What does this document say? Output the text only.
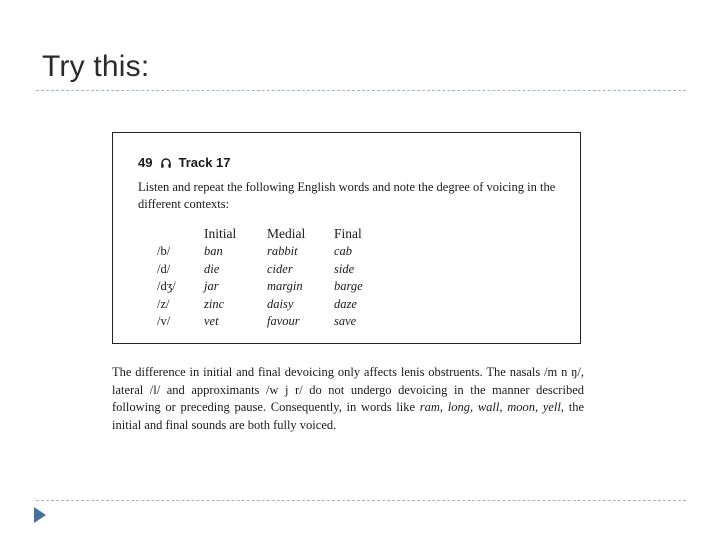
Try this:
49 Track 17
Listen and repeat the following English words and note the degree of voicing in the different contexts:
	Initial	Medial	Final
/b/	ban	rabbit	cab
/d/	die	cider	side
/dʒ/	jar	margin	barge
/z/	zinc	daisy	daze
/v/	vet	favour	save
The difference in initial and final devoicing only affects lenis obstruents. The nasals /m n ŋ/, lateral /l/ and approximants /w j r/ do not undergo devoicing in the manner described following or preceding pause. Consequently, in words like ram, long, wall, moon, yell, the initial and final sounds are both fully voiced.
